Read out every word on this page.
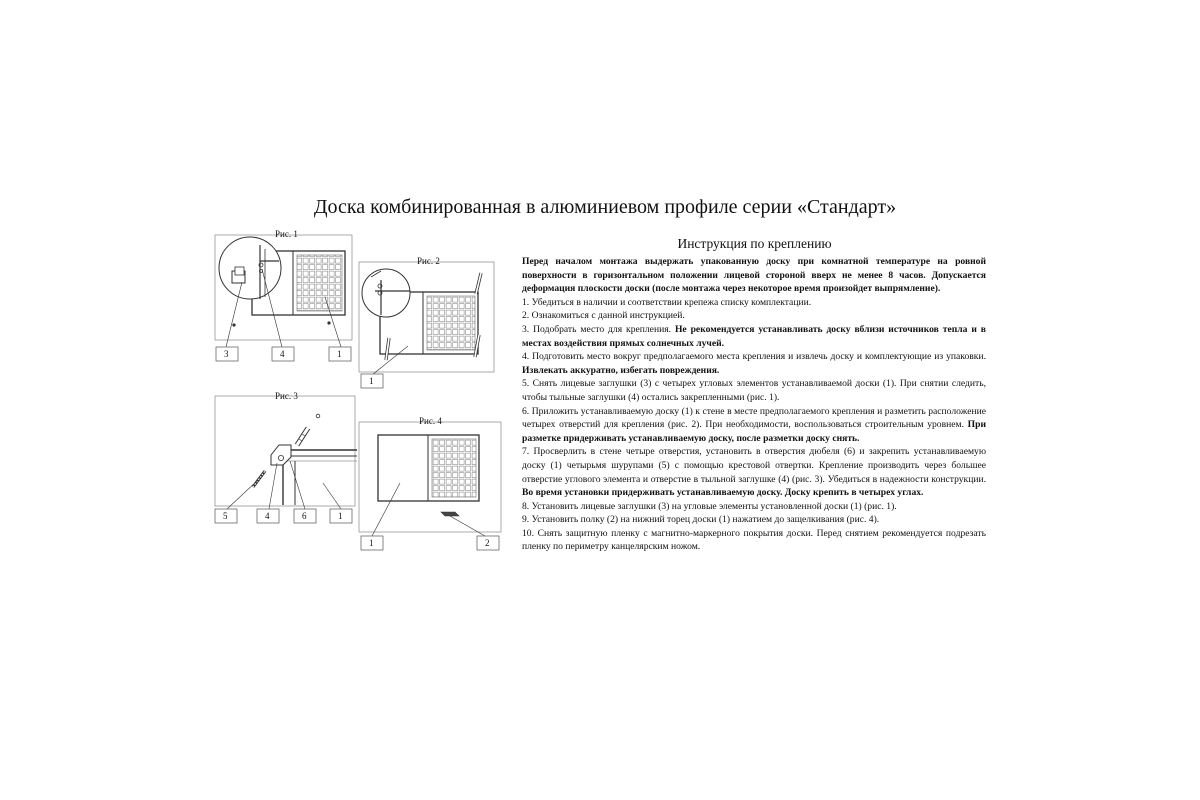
Доска комбинированная в алюминиевом профиле серии «Стандарт»
Рис. 1
3	4	1
Рис. 2
1
Рис. 3
5	4	6	1
Рис. 4
1	2
Инструкция по креплению

Перед началом монтажа выдержать упакованную доску при комнатной температуре на ровной поверхности в горизонтальном положении лицевой стороной вверх не менее 8 часов. Допускается деформация плоскости доски (после монтажа через некоторое время произойдет выпрямление).

1. Убедиться в наличии и соответствии крепежа списку комплектации.

2. Ознакомиться с данной инструкцией.

3. Подобрать место для крепления. Не рекомендуется устанавливать доску вблизи источников тепла и в местах воздействия прямых солнечных лучей.

4. Подготовить место вокруг предполагаемого места крепления и извлечь доску и комплектующие из упаковки. Извлекать аккуратно, избегать повреждения.

5. Снять лицевые заглушки (3) с четырех угловых элементов устанавливаемой доски (1). При снятии следить, чтобы тыльные заглушки (4) остались закрепленными (рис. 1).

6. Приложить устанавливаемую доску (1) к стене в месте предполагаемого крепления и разметить расположение четырех отверстий для крепления (рис. 2). При необходимости, воспользоваться строительным уровнем. При разметке придерживать устанавливаемую доску, после разметки доску снять.

7. Просверлить в стене четыре отверстия, установить в отверстия дюбеля (6) и закрепить устанавливаемую доску (1) четырьмя шурупами (5) с помощью крестовой отвертки. Крепление производить через большее отверстие углового элемента и отверстие в тыльной заглушке (4) (рис. 3). Убедиться в надежности конструкции. Во время установки придерживать устанавливаемую доску. Доску крепить в четырех углах.

8. Установить лицевые заглушки (3) на угловые элементы установленной доски (1) (рис. 1).

9. Установить полку (2) на нижний торец доски (1) нажатием до защелкивания (рис. 4).

10. Снять защитную пленку с магнитно-маркерного покрытия доски. Перед снятием рекомендуется подрезать пленку по периметру канцелярским ножом.
